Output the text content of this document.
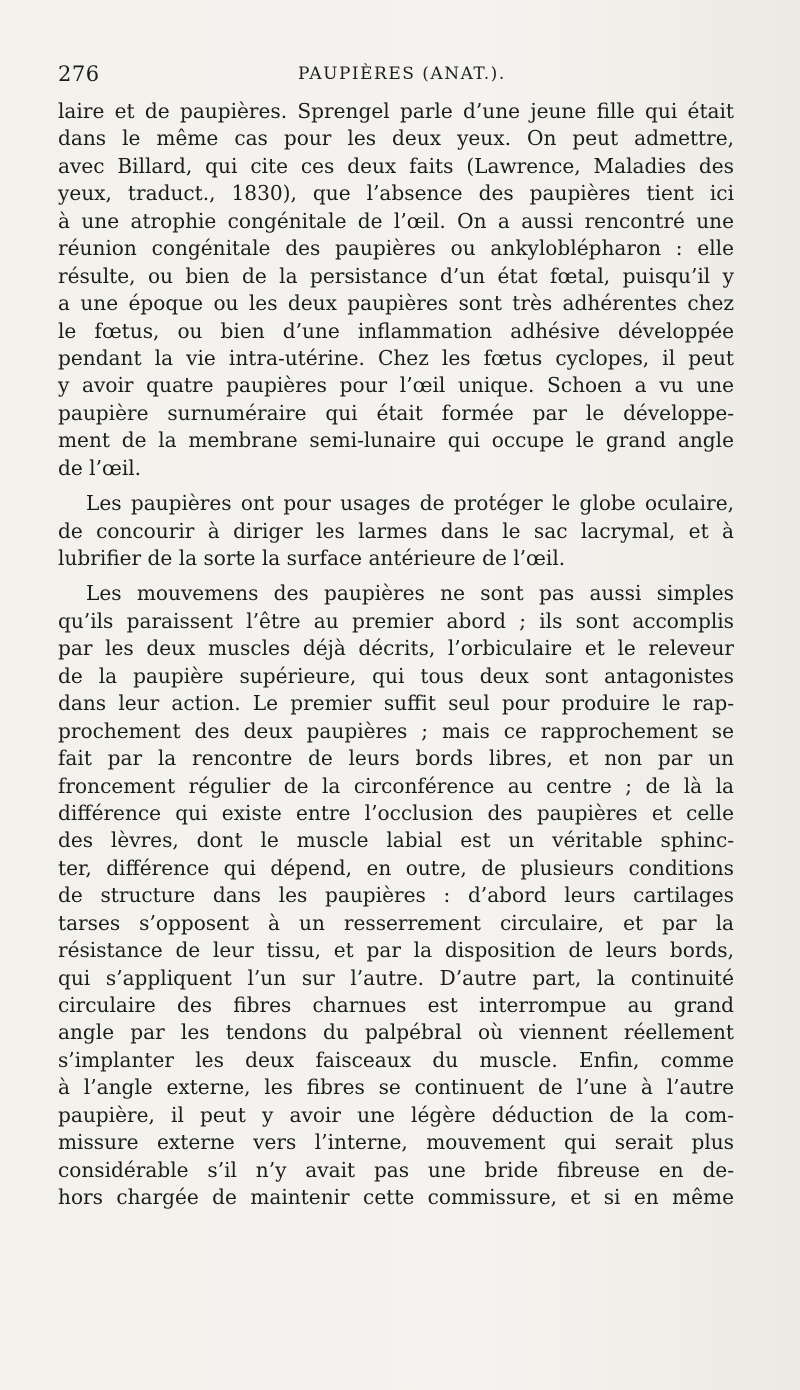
276	PAUPIÈRES (ANAT.).
laire et de paupières. Sprengel parle d’une jeune fille qui était
dans le même cas pour les deux yeux. On peut admettre,
avec Billard, qui cite ces deux faits (Lawrence, Maladies des
yeux, traduct., 1830), que l’absence des paupières tient ici
à une atrophie congénitale de l’œil. On a aussi rencontré une
réunion congénitale des paupières ou ankyloblépharon : elle
résulte, ou bien de la persistance d’un état fœtal, puisqu’il y
a une époque ou les deux paupières sont très adhérentes chez
le fœtus, ou bien d’une inflammation adhésive développée
pendant la vie intra-utérine. Chez les fœtus cyclopes, il peut
y avoir quatre paupières pour l’œil unique. Schoen a vu une
paupière surnuméraire qui était formée par le développe-
ment de la membrane semi-lunaire qui occupe le grand angle
de l’œil.
Les paupières ont pour usages de protéger le globe oculaire,
de concourir à diriger les larmes dans le sac lacrymal, et à
lubrifier de la sorte la surface antérieure de l’œil.
Les mouvemens des paupières ne sont pas aussi simples
qu’ils paraissent l’être au premier abord ; ils sont accomplis
par les deux muscles déjà décrits, l’orbiculaire et le releveur
de la paupière supérieure, qui tous deux sont antagonistes
dans leur action. Le premier suffit seul pour produire le rap-
prochement des deux paupières ; mais ce rapprochement se
fait par la rencontre de leurs bords libres, et non par un
froncement régulier de la circonférence au centre ; de là la
différence qui existe entre l’occlusion des paupières et celle
des lèvres, dont le muscle labial est un véritable sphinc-
ter, différence qui dépend, en outre, de plusieurs conditions
de structure dans les paupières : d’abord leurs cartilages
tarses s’opposent à un resserrement circulaire, et par la
résistance de leur tissu, et par la disposition de leurs bords,
qui s’appliquent l’un sur l’autre. D’autre part, la continuité
circulaire des fibres charnues est interrompue au grand
angle par les tendons du palpébral où viennent réellement
s’implanter les deux faisceaux du muscle. Enfin, comme
à l’angle externe, les fibres se continuent de l’une à l’autre
paupière, il peut y avoir une légère déduction de la com-
missure externe vers l’interne, mouvement qui serait plus
considérable s’il n’y avait pas une bride fibreuse en de-
hors chargée de maintenir cette commissure, et si en même
